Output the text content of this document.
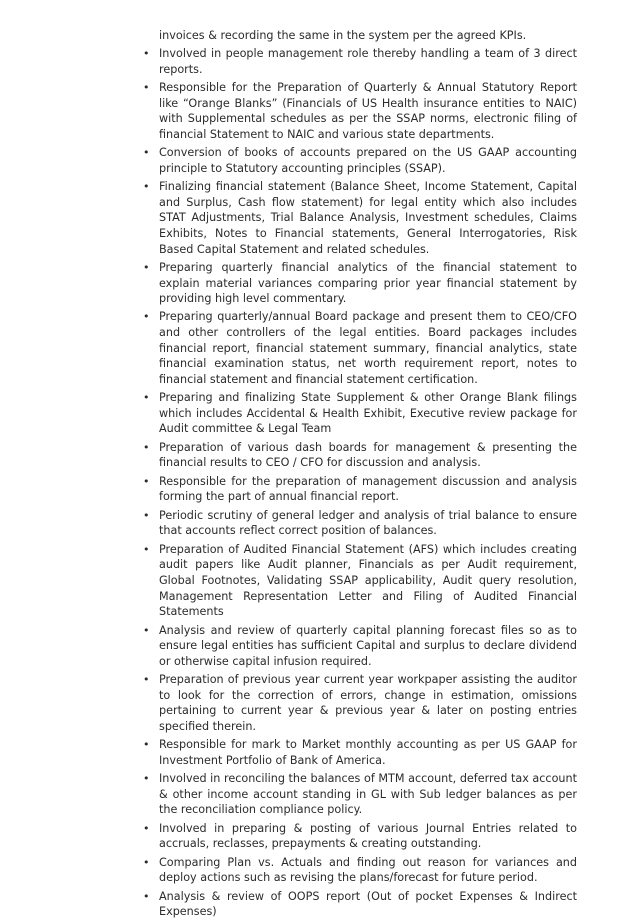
invoices & recording the same in the system per the agreed KPIs.

• Involved in people management role thereby handling a team of 3 direct reports.
• Responsible for the Preparation of Quarterly & Annual Statutory Report like “Orange Blanks” (Financials of US Health insurance entities to NAIC) with Supplemental schedules as per the SSAP norms, electronic filing of financial Statement to NAIC and various state departments.
• Conversion of books of accounts prepared on the US GAAP accounting principle to Statutory accounting principles (SSAP).
• Finalizing financial statement (Balance Sheet, Income Statement, Capital and Surplus, Cash flow statement) for legal entity which also includes STAT Adjustments, Trial Balance Analysis, Investment schedules, Claims Exhibits, Notes to Financial statements, General Interrogatories, Risk Based Capital Statement and related schedules.
• Preparing quarterly financial analytics of the financial statement to explain material variances comparing prior year financial statement by providing high level commentary.
• Preparing quarterly/annual Board package and present them to CEO/CFO and other controllers of the legal entities. Board packages includes financial report, financial statement summary, financial analytics, state financial examination status, net worth requirement report, notes to financial statement and financial statement certification.
• Preparing and finalizing State Supplement & other Orange Blank filings which includes Accidental & Health Exhibit, Executive review package for Audit committee & Legal Team
• Preparation of various dash boards for management & presenting the financial results to CEO / CFO for discussion and analysis.
• Responsible for the preparation of management discussion and analysis forming the part of annual financial report.
• Periodic scrutiny of general ledger and analysis of trial balance to ensure that accounts reflect correct position of balances.
• Preparation of Audited Financial Statement (AFS) which includes creating audit papers like Audit planner, Financials as per Audit requirement, Global Footnotes, Validating SSAP applicability, Audit query resolution, Management Representation Letter and Filing of Audited Financial Statements
• Analysis and review of quarterly capital planning forecast files so as to ensure legal entities has sufficient Capital and surplus to declare dividend or otherwise capital infusion required.
• Preparation of previous year current year workpaper assisting the auditor to look for the correction of errors, change in estimation, omissions pertaining to current year & previous year & later on posting entries specified therein.
• Responsible for mark to Market monthly accounting as per US GAAP for Investment Portfolio of Bank of America.
• Involved in reconciling the balances of MTM account, deferred tax account & other income account standing in GL with Sub ledger balances as per the reconciliation compliance policy.
• Involved in preparing & posting of various Journal Entries related to accruals, reclasses, prepayments & creating outstanding.
• Comparing Plan vs. Actuals and finding out reason for variances and deploy actions such as revising the plans/forecast for future period.
• Analysis & review of OOPS report (Out of pocket Expenses & Indirect Expenses)
